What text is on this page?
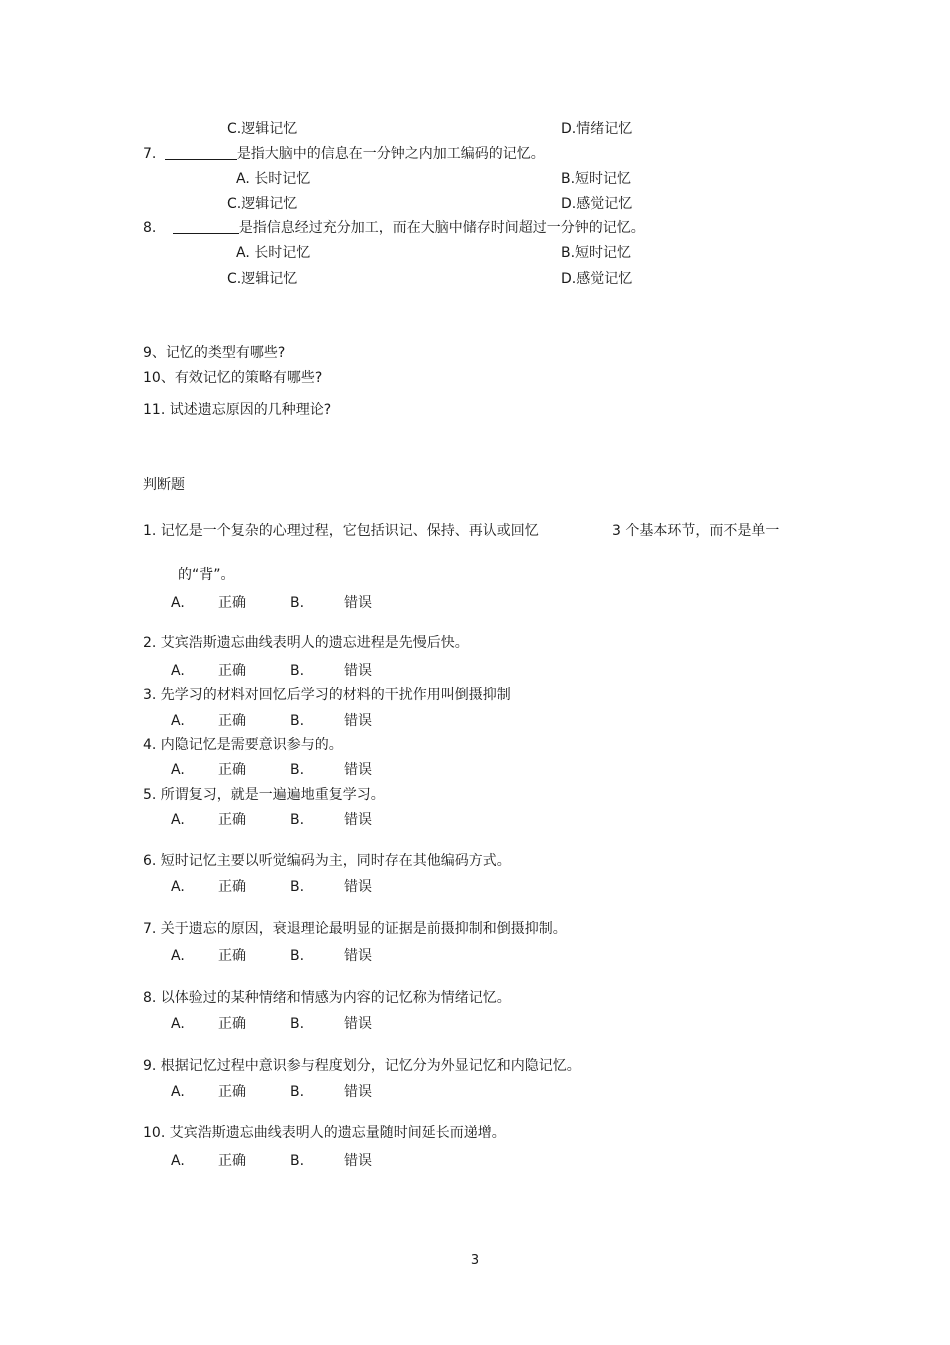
C.逻辑记忆	D.情绪记忆
7.	是指大脑中的信息在一分钟之内加工编码的记忆。
A. 长时记忆	B.短时记忆
C.逻辑记忆	D.感觉记忆
8.	是指信息经过充分加工，而在大脑中储存时间超过一分钟的记忆。
A. 长时记忆	B.短时记忆
C.逻辑记忆	D.感觉记忆
9、记忆的类型有哪些?
10、有效记忆的策略有哪些?
11. 试述遗忘原因的几种理论?
判断题
1. 记忆是一个复杂的心理过程，它包括识记、保持、再认或回忆	3 个基本环节，而不是单一
的“背”。
A. 正确	B.	错误
2. 艾宾浩斯遗忘曲线表明人的遗忘进程是先慢后快。
A. 正确	B.	错误
3. 先学习的材料对回忆后学习的材料的干扰作用叫倒摄抑制
A. 正确	B.	错误
4. 内隐记忆是需要意识参与的。
A. 正确	B.	错误
5. 所谓复习，就是一遍遍地重复学习。
A. 正确	B.	错误
6. 短时记忆主要以听觉编码为主，同时存在其他编码方式。
A. 正确	B.	错误
7. 关于遗忘的原因，衰退理论最明显的证据是前摄抑制和倒摄抑制。
A. 正确	B.	错误
8. 以体验过的某种情绪和情感为内容的记忆称为情绪记忆。
A. 正确	B.	错误
9. 根据记忆过程中意识参与程度划分，记忆分为外显记忆和内隐记忆。
A. 正确	B.	错误
10. 艾宾浩斯遗忘曲线表明人的遗忘量随时间延长而递增。
A. 正确	B.	错误
3
